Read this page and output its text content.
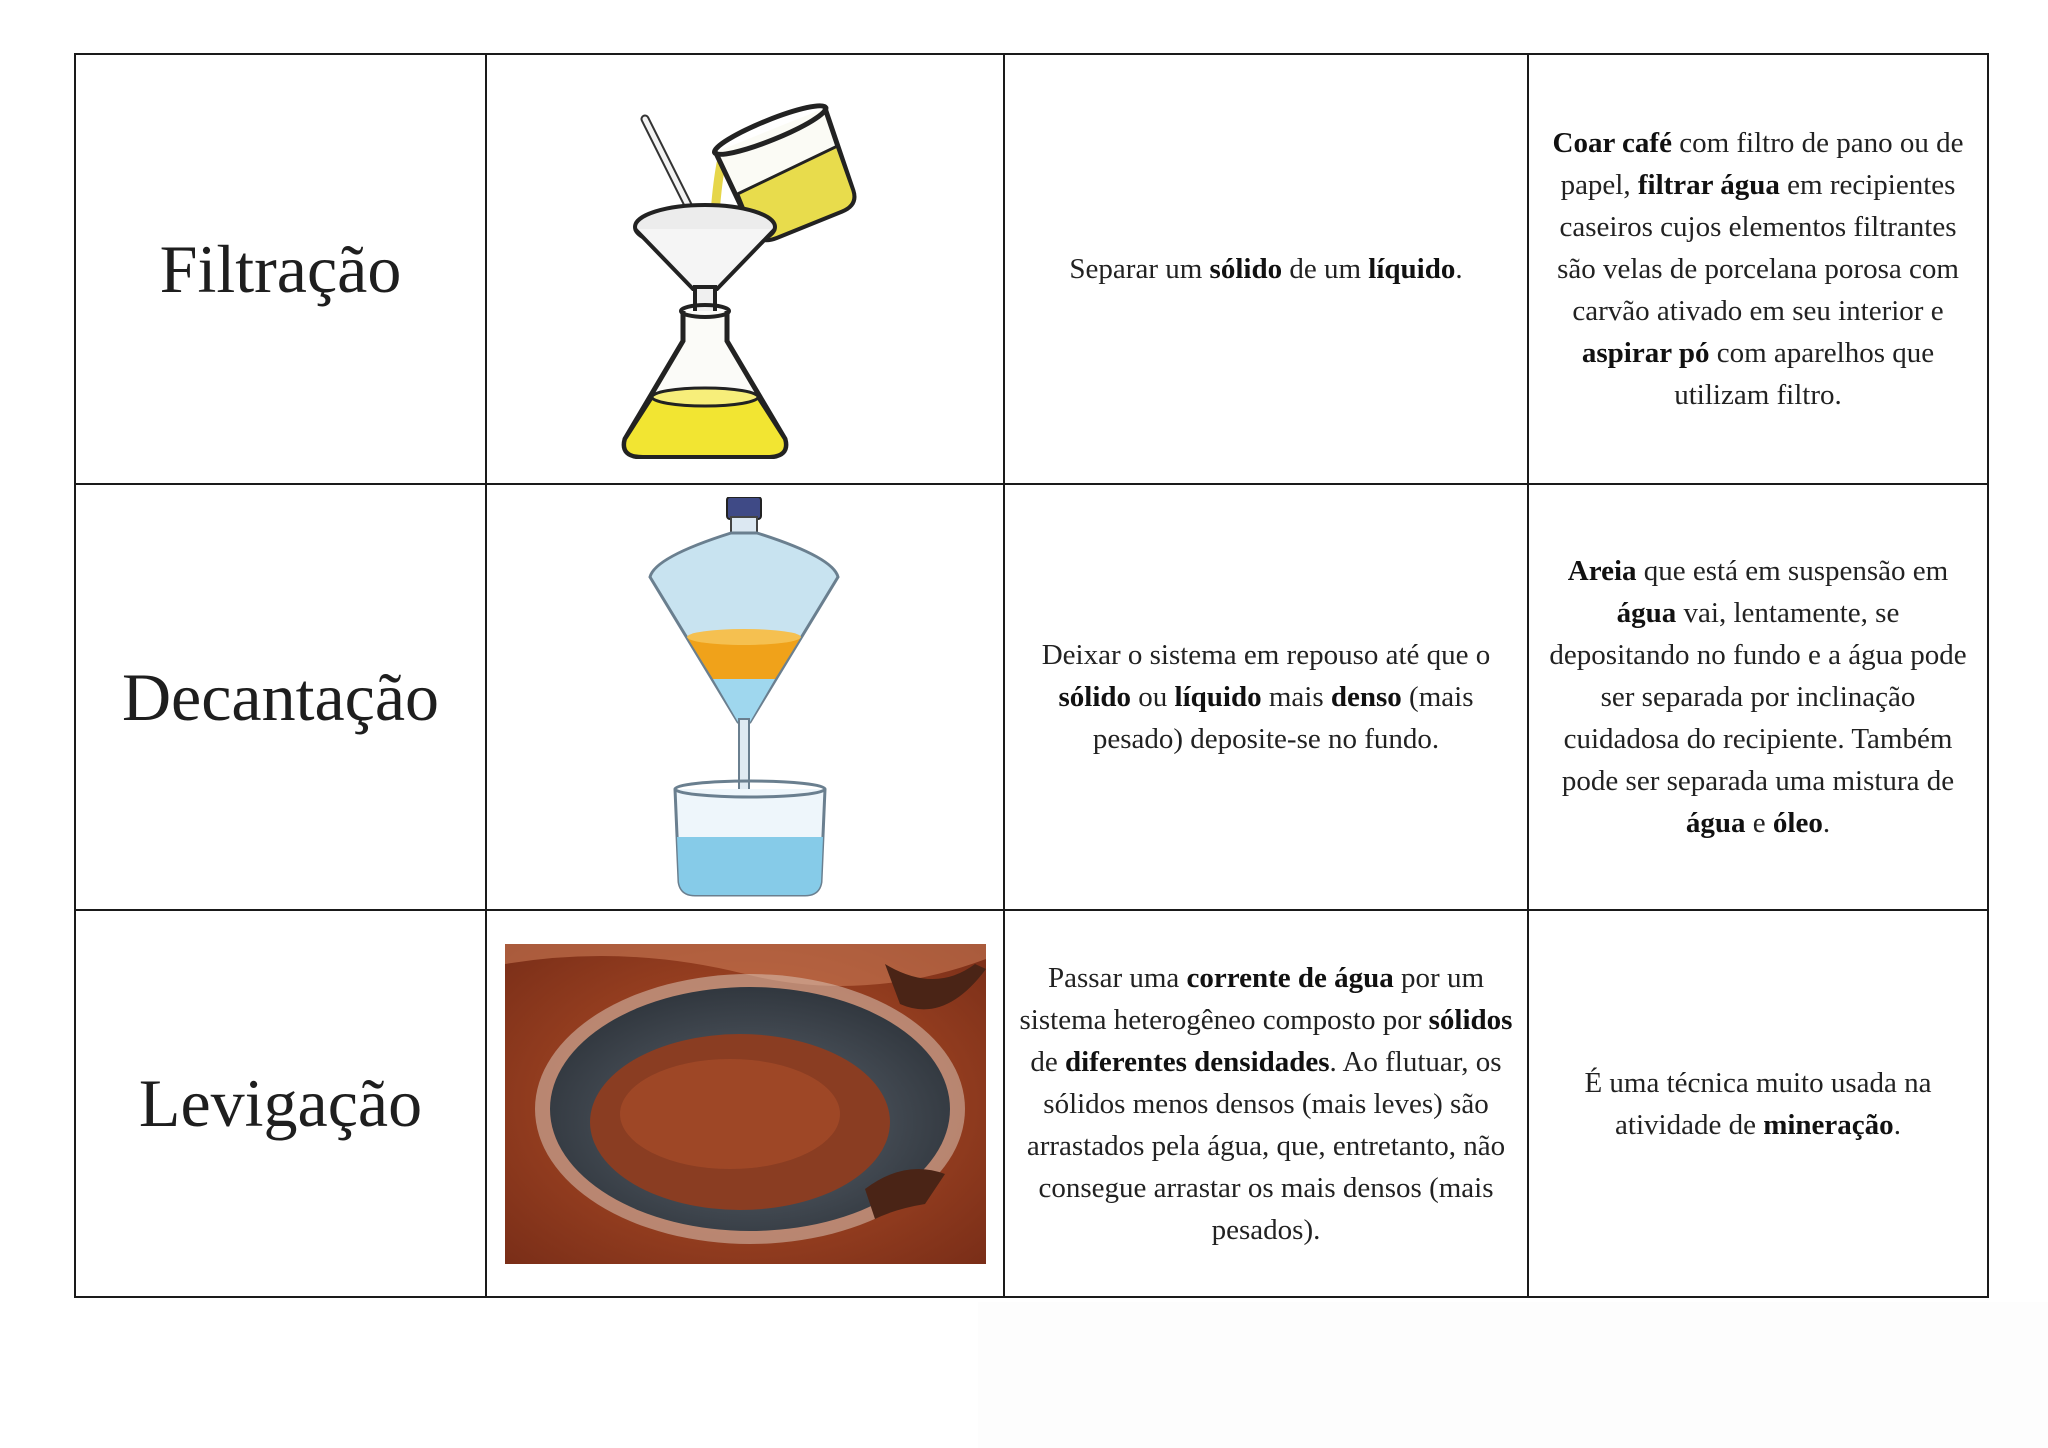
Filtração		Separar um sólido de um líquido.	Coar café com filtro de pano ou de papel, filtrar água em recipientes caseiros cujos elementos filtrantes são velas de porcelana porosa com carvão ativado em seu interior e aspirar pó com aparelhos que utilizam filtro.

Decantação		Deixar o sistema em repouso até que o sólido ou líquido mais denso (mais pesado) deposite-se no fundo.	Areia que está em suspensão em água vai, lentamente, se depositando no fundo e a água pode ser separada por inclinação cuidadosa do recipiente. Também pode ser separada uma mistura de água e óleo.

Levigação		Passar uma corrente de água por um sistema heterogêneo composto por sólidos de diferentes densidades. Ao flutuar, os sólidos menos densos (mais leves) são arrastados pela água, que, entretanto, não consegue arrastar os mais densos (mais pesados).	É uma técnica muito usada na atividade de mineração.
